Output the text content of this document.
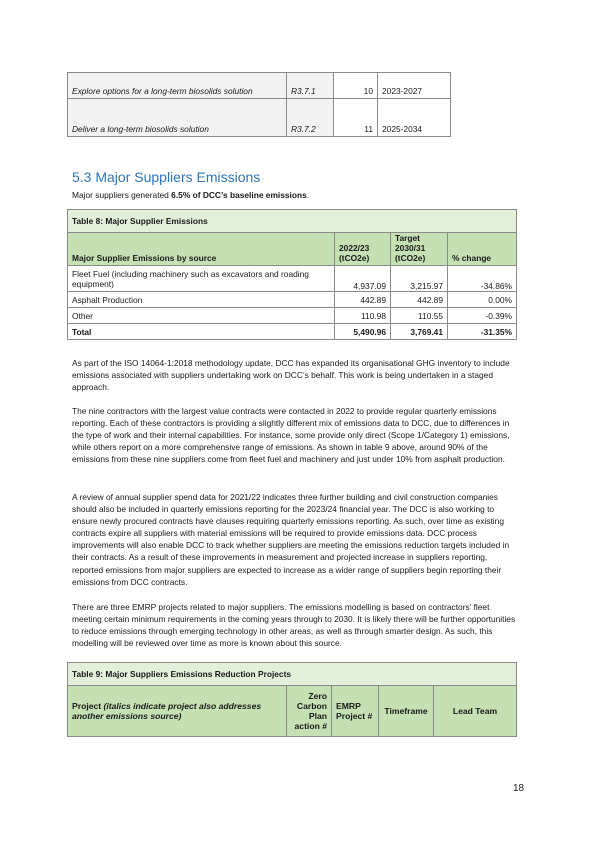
Explore options for a long-term biosolids solution	R3.7.1	10	2023-2027
Deliver a long-term biosolids solution	R3.7.2	11	2025-2034
5.3 Major Suppliers Emissions
Major suppliers generated 6.5% of DCC’s baseline emissions.
Table 8: Major Supplier Emissions			
Major Supplier Emissions by source	2022/23 (tCO2e)	Target 2030/31 (tCO2e)	% change
Fleet Fuel (including machinery such as excavators and roading equipment)	4,937.09	3,215.97	-34.86%
Asphalt Production	442.89	442.89	0.00%
Other	110.98	110.55	-0.39%
Total	5,490.96	3,769.41	-31.35%

As part of the ISO 14064-1:2018 methodology update, DCC has expanded its organisational GHG inventory to include emissions associated with suppliers undertaking work on DCC’s behalf. This work is being undertaken in a staged approach.

The nine contractors with the largest value contracts were contacted in 2022 to provide regular quarterly emissions reporting. Each of these contractors is providing a slightly different mix of emissions data to DCC, due to differences in the type of work and their internal capabilities. For instance, some provide only direct (Scope 1/Category 1) emissions, while others report on a more comprehensive range of emissions. As shown in table 9 above, around 90% of the emissions from these nine suppliers come from fleet fuel and machinery and just under 10% from asphalt production.

A review of annual supplier spend data for 2021/22 indicates three further building and civil construction companies should also be included in quarterly emissions reporting for the 2023/24 financial year. The DCC is also working to ensure newly procured contracts have clauses requiring quarterly emissions reporting. As such, over time as existing contracts expire all suppliers with material emissions will be required to provide emissions data. DCC process improvements will also enable DCC to track whether suppliers are meeting the emissions reduction targets included in their contracts. As a result of these improvements in measurement and projected increase in suppliers reporting, reported emissions from major suppliers are expected to increase as a wider range of suppliers begin reporting their emissions from DCC contracts.

There are three EMRP projects related to major suppliers. The emissions modelling is based on contractors’ fleet meeting certain minimum requirements in the coming years through to 2030. It is likely there will be further opportunities to reduce emissions through emerging technology in other areas, as well as through smarter design. As such, this modelling will be reviewed over time as more is known about this source.

Table 9: Major Suppliers Emissions Reduction Projects
Project (italics indicate project also addresses another emissions source)	Zero Carbon Plan action #	EMRP Project #	Timeframe	Lead Team
18
